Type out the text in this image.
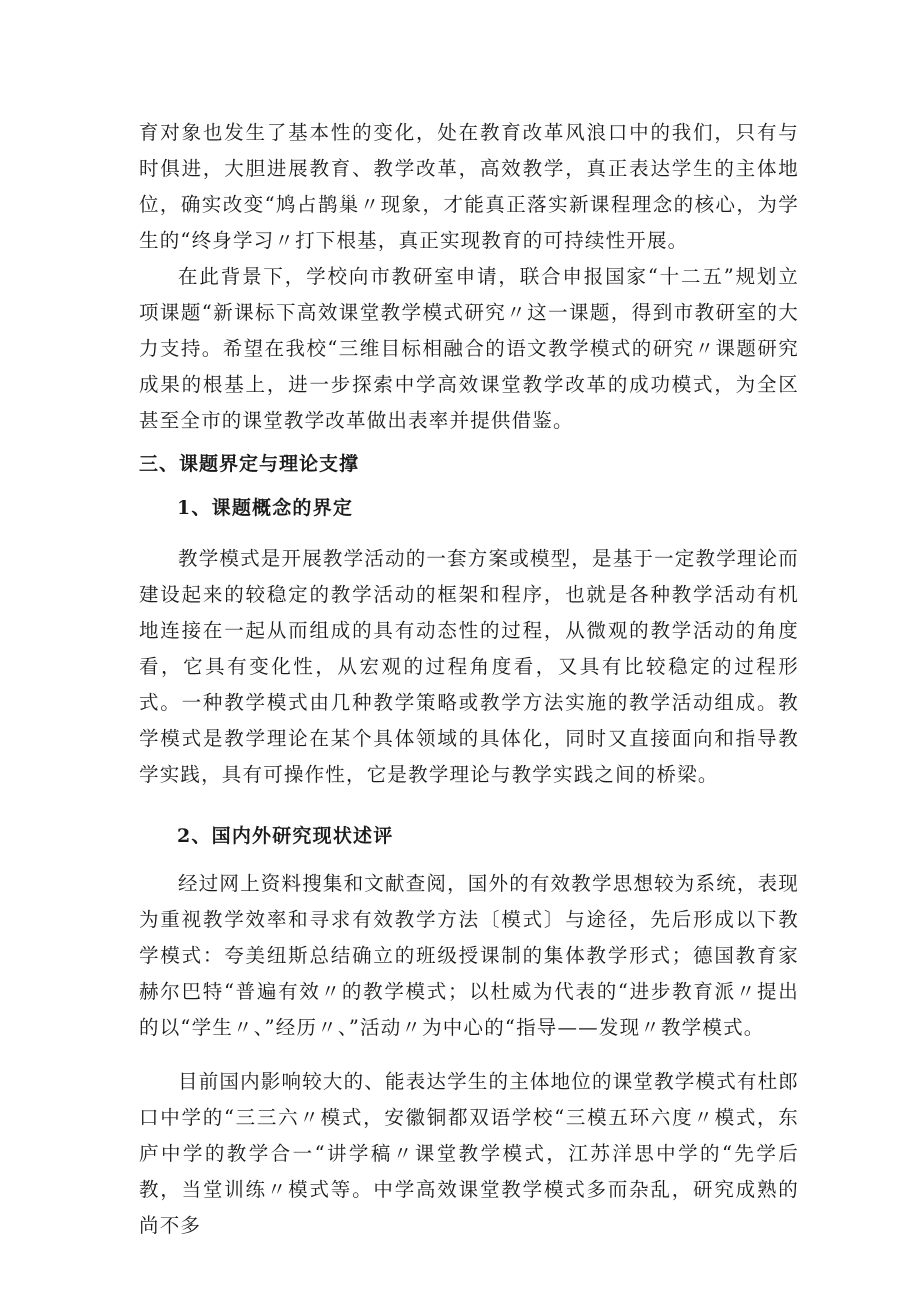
育对象也发生了基本性的变化，处在教育改革风浪口中的我们，只有与时俱进，大胆进展教育、教学改革，高效教学，真正表达学生的主体地位，确实改变“鸠占鹊巢〃现象，才能真正落实新课程理念的核心，为学生的“终身学习〃打下根基，真正实现教育的可持续性开展。

在此背景下，学校向市教研室申请，联合申报国家“十二五”规划立项课题“新课标下高效课堂教学模式研究〃这一课题，得到市教研室的大力支持。希望在我校“三维目标相融合的语文教学模式的研究〃课题研究成果的根基上，进一步探索中学高效课堂教学改革的成功模式，为全区甚至全市的课堂教学改革做出表率并提供借鉴。

三、课题界定与理论支撑
1、课题概念的界定

教学模式是开展教学活动的一套方案或模型，是基于一定教学理论而建设起来的较稳定的教学活动的框架和程序，也就是各种教学活动有机地连接在一起从而组成的具有动态性的过程，从微观的教学活动的角度看，它具有变化性，从宏观的过程角度看，又具有比较稳定的过程形式。一种教学模式由几种教学策略或教学方法实施的教学活动组成。教学模式是教学理论在某个具体领域的具体化，同时又直接面向和指导教学实践，具有可操作性，它是教学理论与教学实践之间的桥梁。

2、国内外研究现状述评

经过网上资料搜集和文献查阅，国外的有效教学思想较为系统，表现为重视教学效率和寻求有效教学方法〔模式〕与途径，先后形成以下教学模式：夸美纽斯总结确立的班级授课制的集体教学形式；德国教育家赫尔巴特“普遍有效〃的教学模式；以杜威为代表的“进步教育派〃提出的以“学生〃、”经历〃、”活动〃为中心的“指导——发现〃教学模式。

目前国内影响较大的、能表达学生的主体地位的课堂教学模式有杜郎口中学的“三三六〃模式，安徽铜都双语学校“三模五环六度〃模式，东庐中学的教学合一“讲学稿〃课堂教学模式，江苏洋思中学的“先学后教，当堂训练〃模式等。中学高效课堂教学模式多而杂乱，研究成熟的尚不多
